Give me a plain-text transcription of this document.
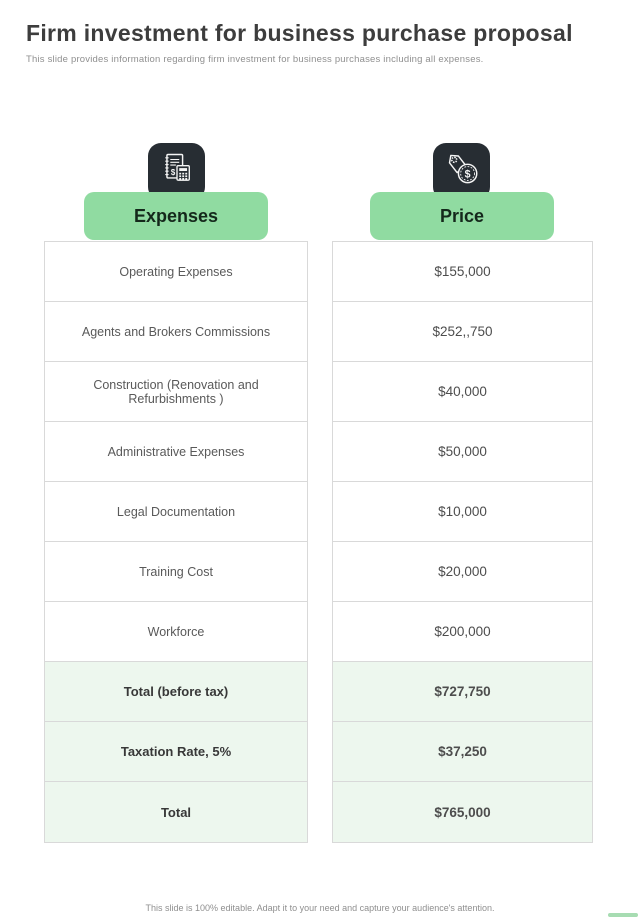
Firm investment for business purchase proposal
This slide provides information regarding firm investment for business purchases including all expenses.
$	$
Expenses	Price
Operating Expenses
Agents and Brokers Commissions
Construction (Renovation and Refurbishments )
Administrative Expenses
Legal Documentation
Training Cost
Workforce
Total (before tax)
Taxation Rate, 5%
Total
$155,000
$252,,750
$40,000
$50,000
$10,000
$20,000
$200,000
$727,750
$37,250
$765,000
This slide is 100% editable. Adapt it to your need and capture your audience's attention.
